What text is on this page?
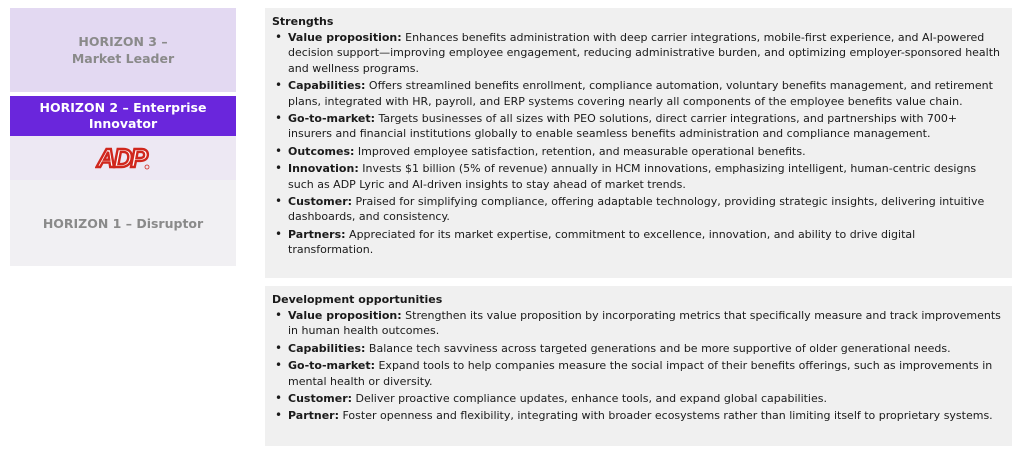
HORIZON 3 –
Market Leader
HORIZON 2 – Enterprise
Innovator
ADP
HORIZON 1 – Disruptor
Strengths
• Value proposition: Enhances benefits administration with deep carrier integrations, mobile-first experience, and AI-powered decision support—improving employee engagement, reducing administrative burden, and optimizing employer-sponsored health and wellness programs.
• Capabilities: Offers streamlined benefits enrollment, compliance automation, voluntary benefits management, and retirement plans, integrated with HR, payroll, and ERP systems covering nearly all components of the employee benefits value chain.
• Go-to-market: Targets businesses of all sizes with PEO solutions, direct carrier integrations, and partnerships with 700+ insurers and financial institutions globally to enable seamless benefits administration and compliance management.
• Outcomes: Improved employee satisfaction, retention, and measurable operational benefits.
• Innovation: Invests $1 billion (5% of revenue) annually in HCM innovations, emphasizing intelligent, human-centric designs such as ADP Lyric and AI-driven insights to stay ahead of market trends.
• Customer: Praised for simplifying compliance, offering adaptable technology, providing strategic insights, delivering intuitive dashboards, and consistency.
• Partners: Appreciated for its market expertise, commitment to excellence, innovation, and ability to drive digital transformation.
Development opportunities
• Value proposition: Strengthen its value proposition by incorporating metrics that specifically measure and track improvements in human health outcomes.
• Capabilities: Balance tech savviness across targeted generations and be more supportive of older generational needs.
• Go-to-market: Expand tools to help companies measure the social impact of their benefits offerings, such as improvements in mental health or diversity.
• Customer: Deliver proactive compliance updates, enhance tools, and expand global capabilities.
• Partner: Foster openness and flexibility, integrating with broader ecosystems rather than limiting itself to proprietary systems.
